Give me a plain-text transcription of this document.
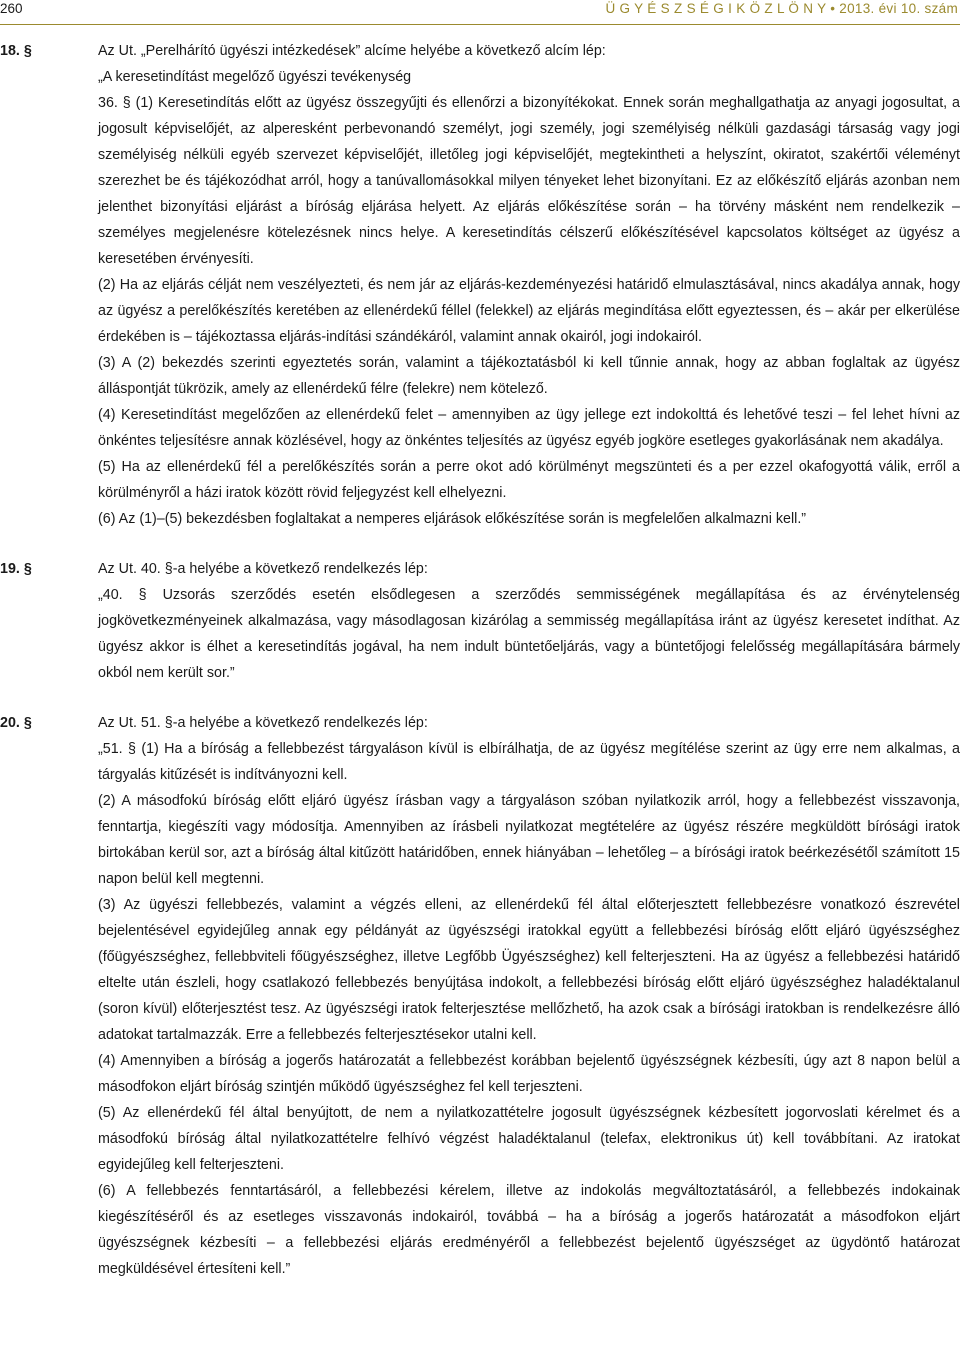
260	Ü G Y É S Z S É G I K Ö Z L Ö N Y • 2013. évi 10. szám
18. §	Az Ut. „Perelhárító ügyészi intézkedések” alcíme helyébe a következő alcím lép:

„A keresetindítást megelőző ügyészi tevékenység

36. § (1) Keresetindítás előtt az ügyész összegyűjti és ellenőrzi a bizonyítékokat. Ennek során meghallgathatja az anyagi jogosultat, a jogosult képviselőjét, az alperesként perbevonandó személyt, jogi személy, jogi személyiség nélküli gazdasági társaság vagy jogi személyiség nélküli egyéb szervezet képviselőjét, illetőleg jogi képviselőjét, megtekintheti a helyszínt, okiratot, szakértői véleményt szerezhet be és tájékozódhat arról, hogy a tanúvallomásokkal milyen tényeket lehet bizonyítani. Ez az előkészítő eljárás azonban nem jelenthet bizonyítási eljárást a bíróság eljárása helyett. Az eljárás előkészítése során – ha törvény másként nem rendelkezik – személyes megjelenésre kötelezésnek nincs helye. A keresetindítás célszerű előkészítésével kapcsolatos költséget az ügyész a keresetében érvényesíti.

(2) Ha az eljárás célját nem veszélyezteti, és nem jár az eljárás-kezdeményezési határidő elmulasztásával, nincs akadálya annak, hogy az ügyész a perelőkészítés keretében az ellenérdekű féllel (felekkel) az eljárás megindítása előtt egyeztessen, és – akár per elkerülése érdekében is – tájékoztassa eljárás-indítási szándékáról, valamint annak okairól, jogi indokairól.

(3) A (2) bekezdés szerinti egyeztetés során, valamint a tájékoztatásból ki kell tűnnie annak, hogy az abban foglaltak az ügyész álláspontját tükrözik, amely az ellenérdekű félre (felekre) nem kötelező.

(4) Keresetindítást megelőzően az ellenérdekű felet – amennyiben az ügy jellege ezt indokolttá és lehetővé teszi – fel lehet hívni az önkéntes teljesítésre annak közlésével, hogy az önkéntes teljesítés az ügyész egyéb jogköre esetleges gyakorlásának nem akadálya.

(5) Ha az ellenérdekű fél a perelőkészítés során a perre okot adó körülményt megszünteti és a per ezzel okafogyottá válik, erről a körülményről a házi iratok között rövid feljegyzést kell elhelyezni.

(6) Az (1)–(5) bekezdésben foglaltakat a nemperes eljárások előkészítése során is megfelelően alkalmazni kell.”

19. §	Az Ut. 40. §-a helyébe a következő rendelkezés lép:

„40. § Uzsorás szerződés esetén elsődlegesen a szerződés semmisségének megállapítása és az érvénytelenség jogkövetkezményeinek alkalmazása, vagy másodlagosan kizárólag a semmisség megállapítása iránt az ügyész keresetet indíthat. Az ügyész akkor is élhet a keresetindítás jogával, ha nem indult büntetőeljárás, vagy a büntetőjogi felelősség megállapítására bármely okból nem került sor.”

20. §	Az Ut. 51. §-a helyébe a következő rendelkezés lép:

„51. § (1) Ha a bíróság a fellebbezést tárgyaláson kívül is elbírálhatja, de az ügyész megítélése szerint az ügy erre nem alkalmas, a tárgyalás kitűzését is indítványozni kell.

(2) A másodfokú bíróság előtt eljáró ügyész írásban vagy a tárgyaláson szóban nyilatkozik arról, hogy a fellebbezést visszavonja, fenntartja, kiegészíti vagy módosítja. Amennyiben az írásbeli nyilatkozat megtételére az ügyész részére megküldött bírósági iratok birtokában kerül sor, azt a bíróság által kitűzött határidőben, ennek hiányában – lehetőleg – a bírósági iratok beérkezésétől számított 15 napon belül kell megtenni.

(3) Az ügyészi fellebbezés, valamint a végzés elleni, az ellenérdekű fél által előterjesztett fellebbezésre vonatkozó észrevétel bejelentésével egyidejűleg annak egy példányát az ügyészségi iratokkal együtt a fellebbezési bíróság előtt eljáró ügyészséghez (főügyészséghez, fellebbviteli főügyészséghez, illetve Legfőbb Ügyészséghez) kell felterjeszteni. Ha az ügyész a fellebbezési határidő eltelte után észleli, hogy csatlakozó fellebbezés benyújtása indokolt, a fellebbezési bíróság előtt eljáró ügyészséghez haladéktalanul (soron kívül) előterjesztést tesz. Az ügyészségi iratok felterjesztése mellőzhető, ha azok csak a bírósági iratokban is rendelkezésre álló adatokat tartalmazzák. Erre a fellebbezés felterjesztésekor utalni kell.

(4) Amennyiben a bíróság a jogerős határozatát a fellebbezést korábban bejelentő ügyészségnek kézbesíti, úgy azt 8 napon belül a másodfokon eljárt bíróság szintjén működő ügyészséghez fel kell terjeszteni.

(5) Az ellenérdekű fél által benyújtott, de nem a nyilatkozattételre jogosult ügyészségnek kézbesített jogorvoslati kérelmet és a másodfokú bíróság által nyilatkozattételre felhívó végzést haladéktalanul (telefax, elektronikus út) kell továbbítani. Az iratokat egyidejűleg kell felterjeszteni.

(6) A fellebbezés fenntartásáról, a fellebbezési kérelem, illetve az indokolás megváltoztatásáról, a fellebbezés indokainak kiegészítéséről és az esetleges visszavonás indokairól, továbbá – ha a bíróság a jogerős határozatát a másodfokon eljárt ügyészségnek kézbesíti – a fellebbezési eljárás eredményéről a fellebbezést bejelentő ügyészséget az ügydöntő határozat megküldésével értesíteni kell.”
